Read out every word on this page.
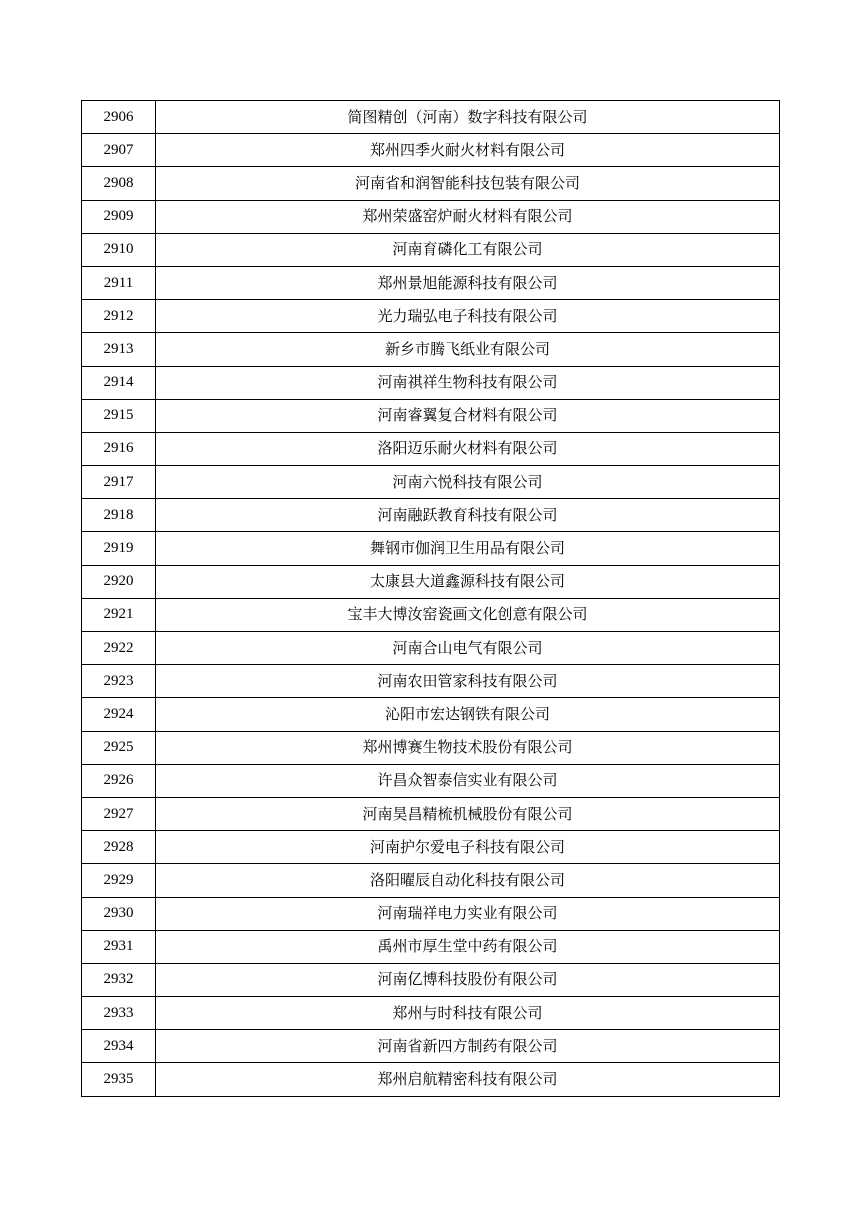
2906	简图精创（河南）数字科技有限公司
2907	郑州四季火耐火材料有限公司
2908	河南省和润智能科技包装有限公司
2909	郑州荣盛窑炉耐火材料有限公司
2910	河南育磷化工有限公司
2911	郑州景旭能源科技有限公司
2912	光力瑞弘电子科技有限公司
2913	新乡市腾飞纸业有限公司
2914	河南祺祥生物科技有限公司
2915	河南睿翼复合材料有限公司
2916	洛阳迈乐耐火材料有限公司
2917	河南六悦科技有限公司
2918	河南融跃教育科技有限公司
2919	舞钢市伽润卫生用品有限公司
2920	太康县大道鑫源科技有限公司
2921	宝丰大博汝窑瓷画文化创意有限公司
2922	河南合山电气有限公司
2923	河南农田管家科技有限公司
2924	沁阳市宏达钢铁有限公司
2925	郑州博赛生物技术股份有限公司
2926	许昌众智泰信实业有限公司
2927	河南昊昌精梳机械股份有限公司
2928	河南护尔爱电子科技有限公司
2929	洛阳曜辰自动化科技有限公司
2930	河南瑞祥电力实业有限公司
2931	禹州市厚生堂中药有限公司
2932	河南亿博科技股份有限公司
2933	郑州与时科技有限公司
2934	河南省新四方制药有限公司
2935	郑州启航精密科技有限公司
